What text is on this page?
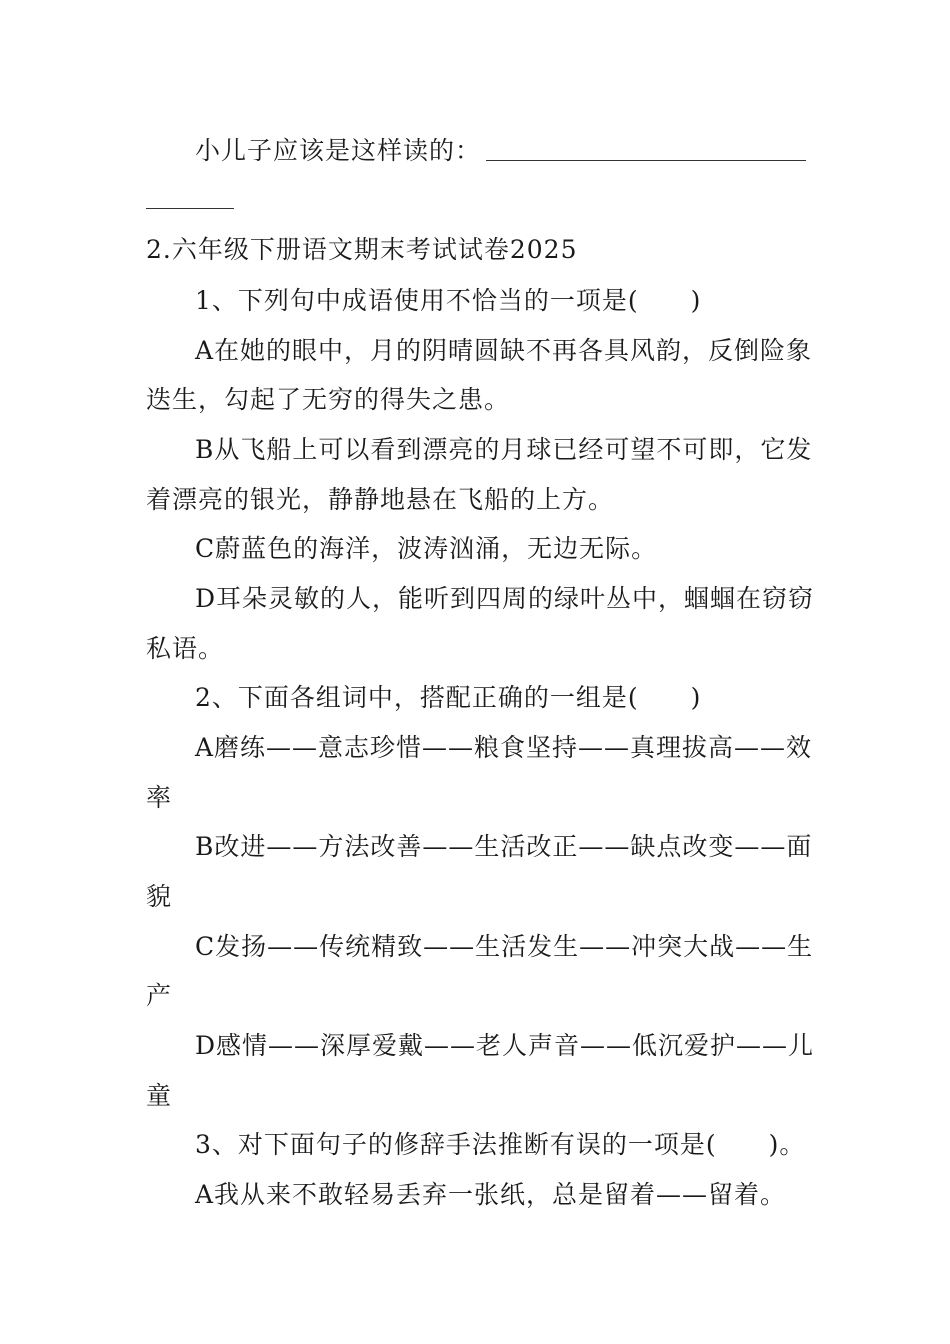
小儿子应该是这样读的：
2.六年级下册语文期末考试试卷2025
1、下列句中成语使用不恰当的一项是(　　)
A在她的眼中，月的阴晴圆缺不再各具风韵，反倒险象
迭生，勾起了无穷的得失之患。
B从飞船上可以看到漂亮的月球已经可望不可即，它发
着漂亮的银光，静静地悬在飞船的上方。
C蔚蓝色的海洋，波涛汹涌，无边无际。
D耳朵灵敏的人，能听到四周的绿叶丛中，蝈蝈在窃窃
私语。
2、下面各组词中，搭配正确的一组是(　　)
A磨练——意志珍惜——粮食坚持——真理拔高——效
率
B改进——方法改善——生活改正——缺点改变——面
貌
C发扬——传统精致——生活发生——冲突大战——生
产
D感情——深厚爱戴——老人声音——低沉爱护——儿
童
3、对下面句子的修辞手法推断有误的一项是(　　)。
A我从来不敢轻易丢弃一张纸，总是留着——留着。
